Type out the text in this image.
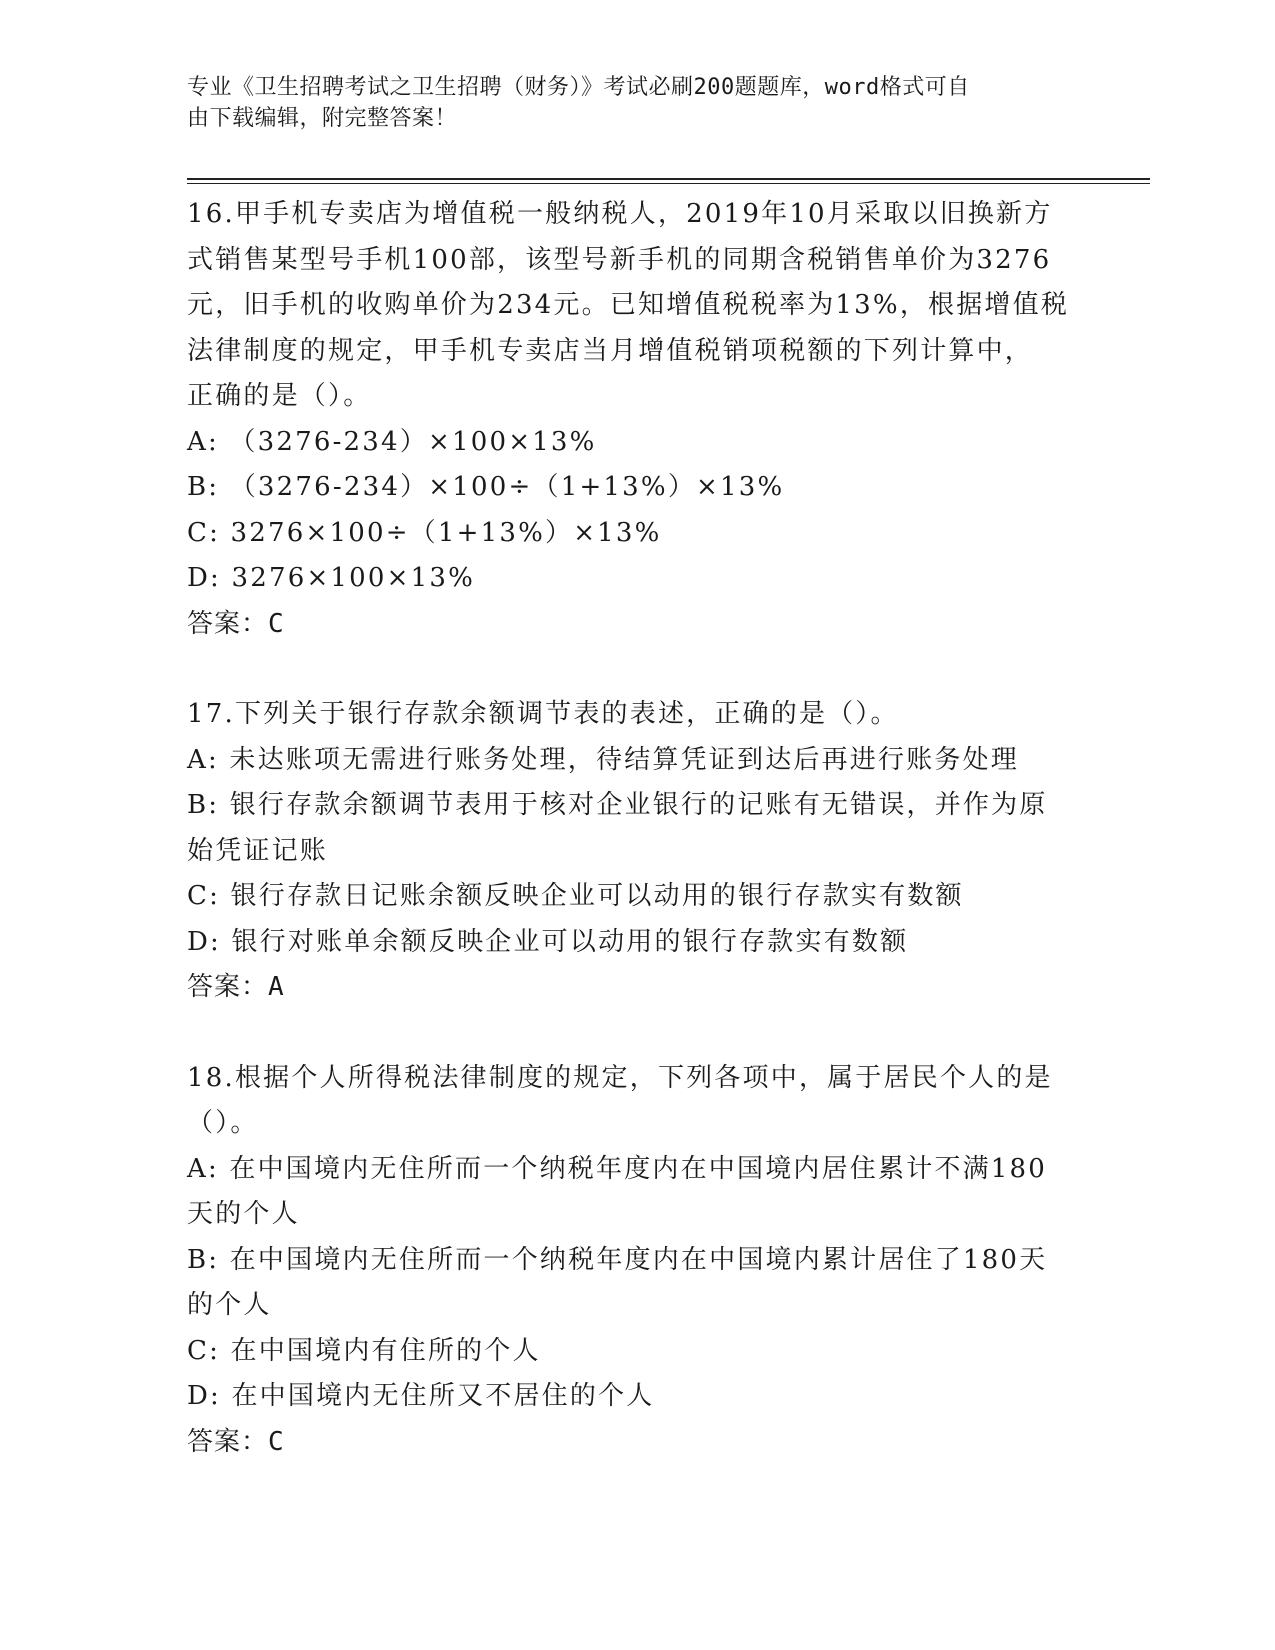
专业《卫生招聘考试之卫生招聘（财务）》考试必刷200题题库，word格式可自
由下载编辑，附完整答案！

16.甲手机专卖店为增值税一般纳税人，2019年10月采取以旧换新方

式销售某型号手机100部，该型号新手机的同期含税销售单价为3276

元，旧手机的收购单价为234元。已知增值税税率为13%，根据增值税

法律制度的规定，甲手机专卖店当月增值税销项税额的下列计算中，

正确的是（）。

A: （3276-234）×100×13%

B: （3276-234）×100÷（1+13%）×13%

C: 3276×100÷（1+13%）×13%

D: 3276×100×13%

答案：C

17.下列关于银行存款余额调节表的表述，正确的是（）。

A: 未达账项无需进行账务处理，待结算凭证到达后再进行账务处理

B: 银行存款余额调节表用于核对企业银行的记账有无错误，并作为原

始凭证记账

C: 银行存款日记账余额反映企业可以动用的银行存款实有数额

D: 银行对账单余额反映企业可以动用的银行存款实有数额

答案：A

18.根据个人所得税法律制度的规定，下列各项中，属于居民个人的是

（）。

A: 在中国境内无住所而一个纳税年度内在中国境内居住累计不满180

天的个人

B: 在中国境内无住所而一个纳税年度内在中国境内累计居住了180天

的个人

C: 在中国境内有住所的个人

D: 在中国境内无住所又不居住的个人

答案：C
